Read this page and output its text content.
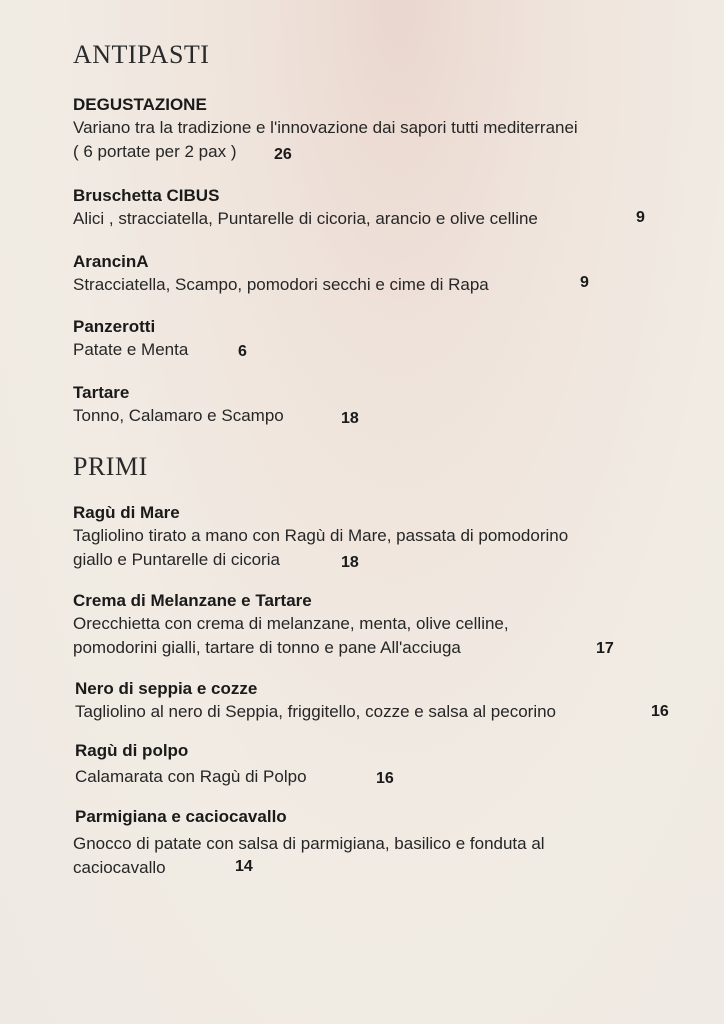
ANTIPASTI
DEGUSTAZIONE
Variano tra la tradizione e l'innovazione dai sapori tutti mediterranei
( 6 portate per 2 pax )	26
Bruschetta CIBUS
Alici , stracciatella, Puntarelle di cicoria, arancio e olive celline	9
ArancinA
Stracciatella, Scampo, pomodori secchi e cime di Rapa	9
Panzerotti
Patate e Menta	6
Tartare
Tonno, Calamaro e Scampo	18
PRIMI
Ragù di Mare
Tagliolino tirato a mano con Ragù di Mare, passata di pomodorino
giallo e Puntarelle di cicoria	18
Crema di Melanzane e Tartare
Orecchietta con crema di melanzane, menta, olive celline,
pomodorini gialli, tartare di tonno e pane All'acciuga	17
Nero di seppia e cozze
Tagliolino al nero di Seppia, friggitello, cozze e salsa al pecorino	16
Ragù di polpo
Calamarata con Ragù di Polpo	16
Parmigiana e caciocavallo
Gnocco di patate con salsa di parmigiana, basilico e fonduta al
caciocavallo	14
